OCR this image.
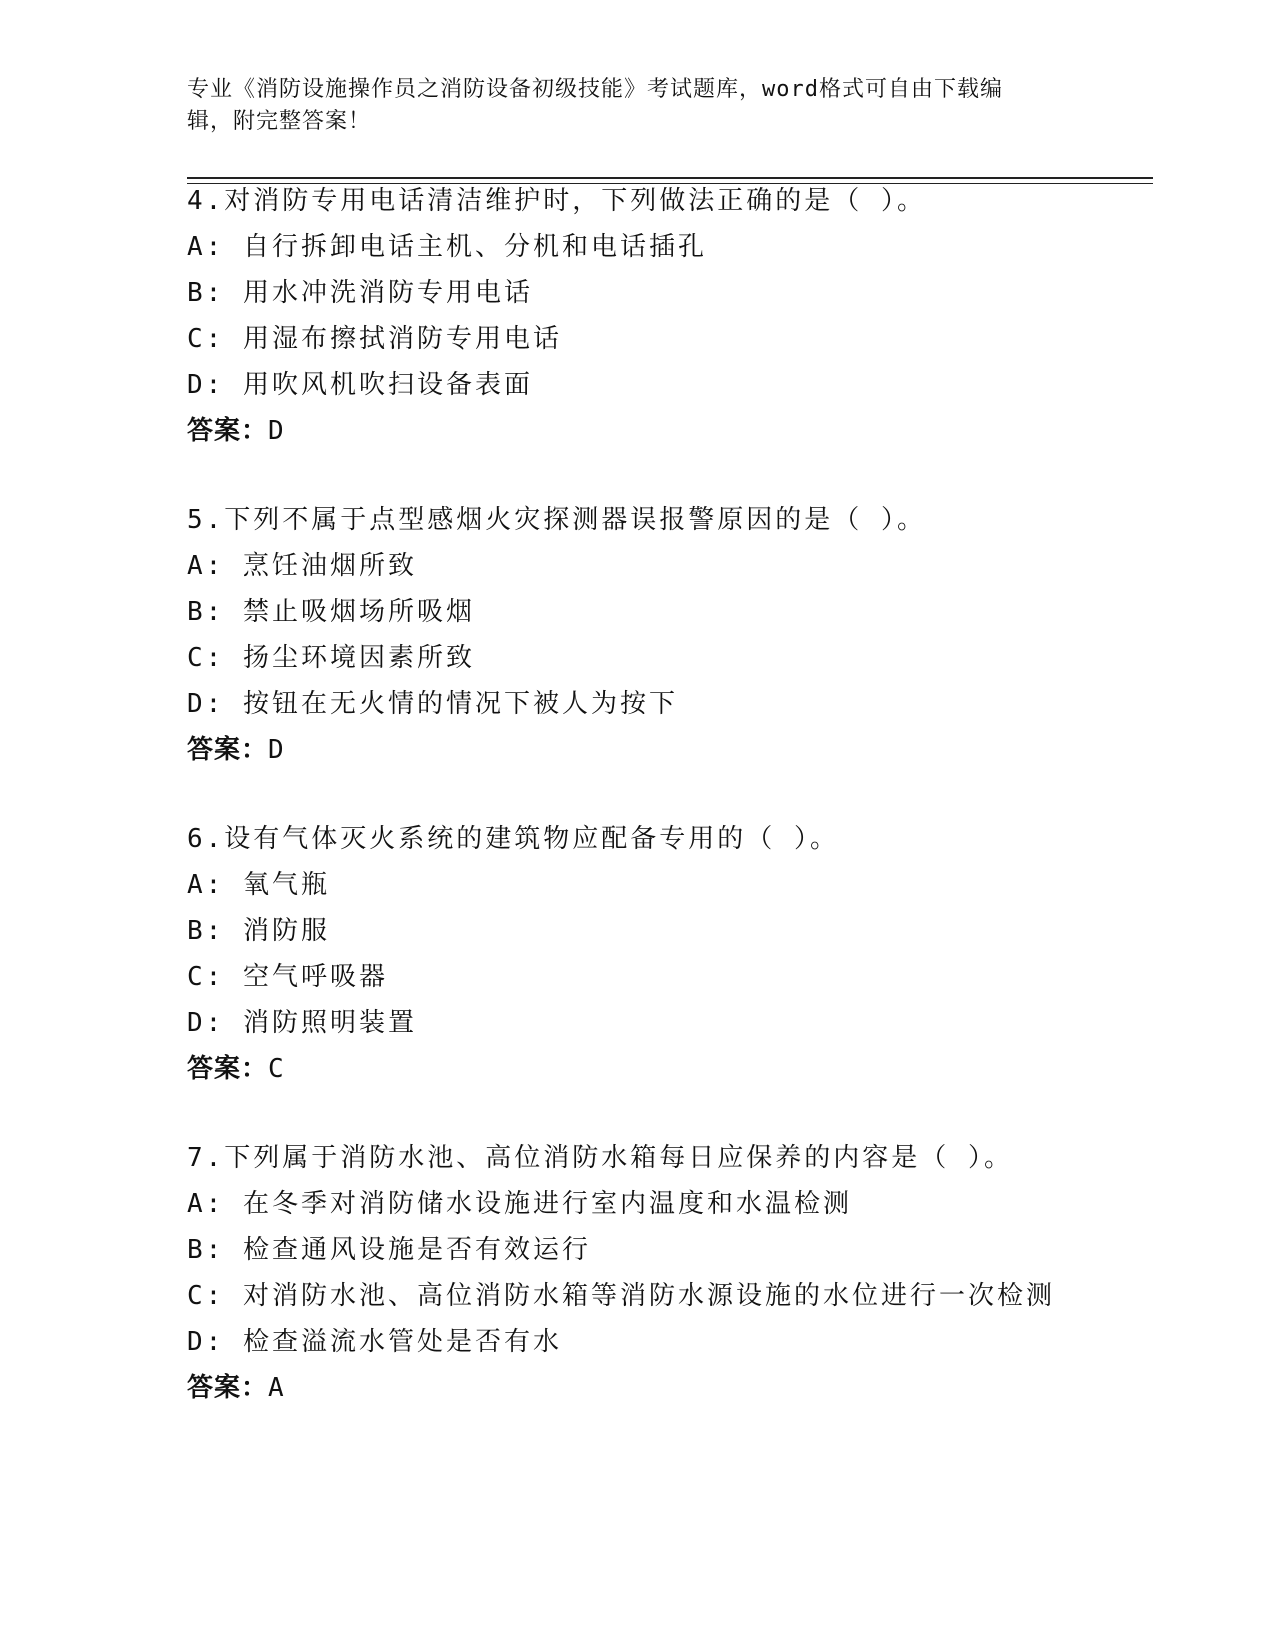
专业《消防设施操作员之消防设备初级技能》考试题库，word格式可自由下载编
辑，附完整答案！
4.对消防专用电话清洁维护时，下列做法正确的是（ ）。
A: 自行拆卸电话主机、分机和电话插孔
B: 用水冲洗消防专用电话
C: 用湿布擦拭消防专用电话
D: 用吹风机吹扫设备表面
答案：D
5.下列不属于点型感烟火灾探测器误报警原因的是（ ）。
A: 烹饪油烟所致
B: 禁止吸烟场所吸烟
C: 扬尘环境因素所致
D: 按钮在无火情的情况下被人为按下
答案：D
6.设有气体灭火系统的建筑物应配备专用的（ ）。
A: 氧气瓶
B: 消防服
C: 空气呼吸器
D: 消防照明装置
答案：C
7.下列属于消防水池、高位消防水箱每日应保养的内容是（ ）。
A: 在冬季对消防储水设施进行室内温度和水温检测
B: 检查通风设施是否有效运行
C: 对消防水池、高位消防水箱等消防水源设施的水位进行一次检测
D: 检查溢流水管处是否有水
答案：A
